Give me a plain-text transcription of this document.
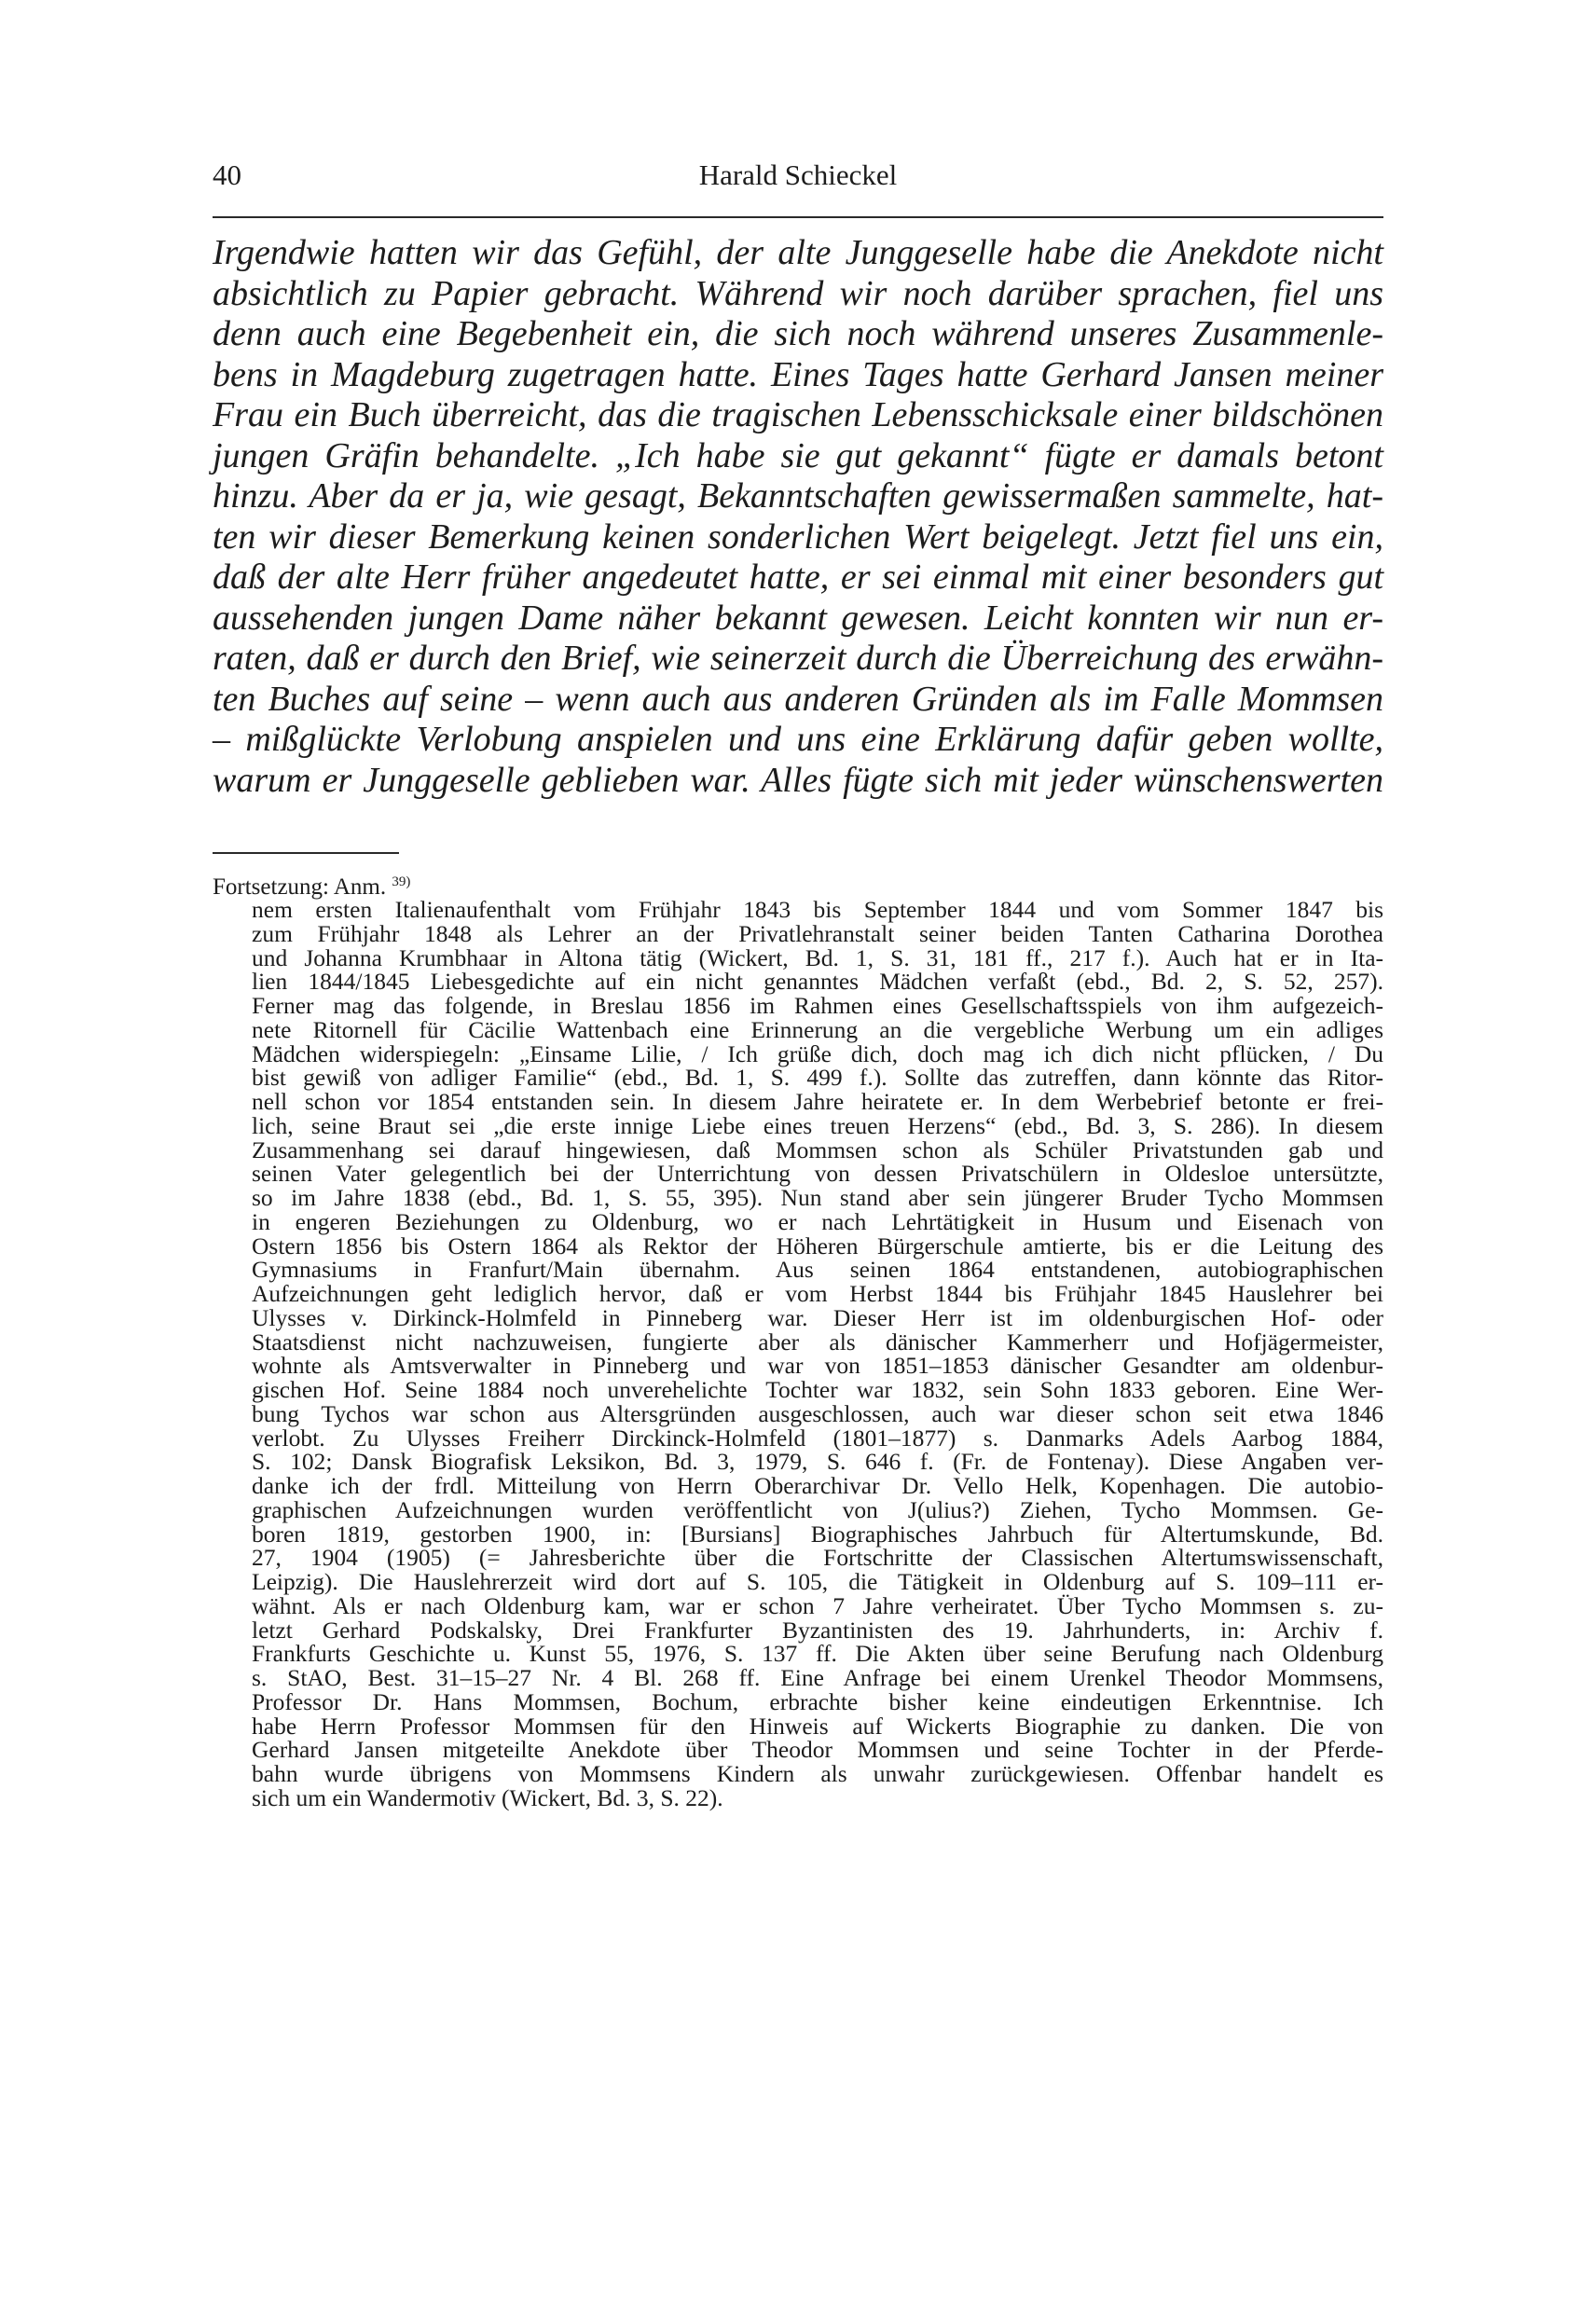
40	Harald Schieckel
Irgendwie hatten wir das Gefühl, der alte Junggeselle habe die Anekdote nicht
absichtlich zu Papier gebracht. Während wir noch darüber sprachen, fiel uns
denn auch eine Begebenheit ein, die sich noch während unseres Zusammenle-
bens in Magdeburg zugetragen hatte. Eines Tages hatte Gerhard Jansen meiner
Frau ein Buch überreicht, das die tragischen Lebensschicksale einer bildschönen
jungen Gräfin behandelte. „Ich habe sie gut gekannt“ fügte er damals betont
hinzu. Aber da er ja, wie gesagt, Bekanntschaften gewissermaßen sammelte, hat-
ten wir dieser Bemerkung keinen sonderlichen Wert beigelegt. Jetzt fiel uns ein,
daß der alte Herr früher angedeutet hatte, er sei einmal mit einer besonders gut
aussehenden jungen Dame näher bekannt gewesen. Leicht konnten wir nun er-
raten, daß er durch den Brief, wie seinerzeit durch die Überreichung des erwähn-
ten Buches auf seine – wenn auch aus anderen Gründen als im Falle Mommsen
– mißglückte Verlobung anspielen und uns eine Erklärung dafür geben wollte,
warum er Junggeselle geblieben war. Alles fügte sich mit jeder wünschenswerten
Fortsetzung: Anm. $^{39)}$
nem ersten Italienaufenthalt vom Frühjahr 1843 bis September 1844 und vom Sommer 1847 bis
zum Frühjahr 1848 als Lehrer an der Privatlehranstalt seiner beiden Tanten Catharina Dorothea
und Johanna Krumbhaar in Altona tätig (Wickert, Bd. 1, S. 31, 181 ff., 217 f.). Auch hat er in Ita-
lien 1844/1845 Liebesgedichte auf ein nicht genanntes Mädchen verfaßt (ebd., Bd. 2, S. 52, 257).
Ferner mag das folgende, in Breslau 1856 im Rahmen eines Gesellschaftsspiels von ihm aufgezeich-
nete Ritornell für Cäcilie Wattenbach eine Erinnerung an die vergebliche Werbung um ein adliges
Mädchen widerspiegeln: „Einsame Lilie, / Ich grüße dich, doch mag ich dich nicht pflücken, / Du
bist gewiß von adliger Familie“ (ebd., Bd. 1, S. 499 f.). Sollte das zutreffen, dann könnte das Ritor-
nell schon vor 1854 entstanden sein. In diesem Jahre heiratete er. In dem Werbebrief betonte er frei-
lich, seine Braut sei „die erste innige Liebe eines treuen Herzens“ (ebd., Bd. 3, S. 286). In diesem
Zusammenhang sei darauf hingewiesen, daß Mommsen schon als Schüler Privatstunden gab und
seinen Vater gelegentlich bei der Unterrichtung von dessen Privatschülern in Oldesloe untersützte,
so im Jahre 1838 (ebd., Bd. 1, S. 55, 395). Nun stand aber sein jüngerer Bruder Tycho Mommsen
in engeren Beziehungen zu Oldenburg, wo er nach Lehrtätigkeit in Husum und Eisenach von
Ostern 1856 bis Ostern 1864 als Rektor der Höheren Bürgerschule amtierte, bis er die Leitung des
Gymnasiums in Franfurt/Main übernahm. Aus seinen 1864 entstandenen, autobiographischen
Aufzeichnungen geht lediglich hervor, daß er vom Herbst 1844 bis Frühjahr 1845 Hauslehrer bei
Ulysses v. Dirkinck-Holmfeld in Pinneberg war. Dieser Herr ist im oldenburgischen Hof- oder
Staatsdienst nicht nachzuweisen, fungierte aber als dänischer Kammerherr und Hofjägermeister,
wohnte als Amtsverwalter in Pinneberg und war von 1851–1853 dänischer Gesandter am oldenbur-
gischen Hof. Seine 1884 noch unverehelichte Tochter war 1832, sein Sohn 1833 geboren. Eine Wer-
bung Tychos war schon aus Altersgründen ausgeschlossen, auch war dieser schon seit etwa 1846
verlobt. Zu Ulysses Freiherr Dirckinck-Holmfeld (1801–1877) s. Danmarks Adels Aarbog 1884,
S. 102; Dansk Biografisk Leksikon, Bd. 3, 1979, S. 646 f. (Fr. de Fontenay). Diese Angaben ver-
danke ich der frdl. Mitteilung von Herrn Oberarchivar Dr. Vello Helk, Kopenhagen. Die autobio-
graphischen Aufzeichnungen wurden veröffentlicht von J(ulius?) Ziehen, Tycho Mommsen. Ge-
boren 1819, gestorben 1900, in: [Bursians] Biographisches Jahrbuch für Altertumskunde, Bd.
27, 1904 (1905) (= Jahresberichte über die Fortschritte der Classischen Altertumswissenschaft,
Leipzig). Die Hauslehrerzeit wird dort auf S. 105, die Tätigkeit in Oldenburg auf S. 109–111 er-
wähnt. Als er nach Oldenburg kam, war er schon 7 Jahre verheiratet. Über Tycho Mommsen s. zu-
letzt Gerhard Podskalsky, Drei Frankfurter Byzantinisten des 19. Jahrhunderts, in: Archiv f.
Frankfurts Geschichte u. Kunst 55, 1976, S. 137 ff. Die Akten über seine Berufung nach Oldenburg
s. StAO, Best. 31–15–27 Nr. 4 Bl. 268 ff. Eine Anfrage bei einem Urenkel Theodor Mommsens,
Professor Dr. Hans Mommsen, Bochum, erbrachte bisher keine eindeutigen Erkenntnise. Ich
habe Herrn Professor Mommsen für den Hinweis auf Wickerts Biographie zu danken. Die von
Gerhard Jansen mitgeteilte Anekdote über Theodor Mommsen und seine Tochter in der Pferde-
bahn wurde übrigens von Mommsens Kindern als unwahr zurückgewiesen. Offenbar handelt es
sich um ein Wandermotiv (Wickert, Bd. 3, S. 22).
